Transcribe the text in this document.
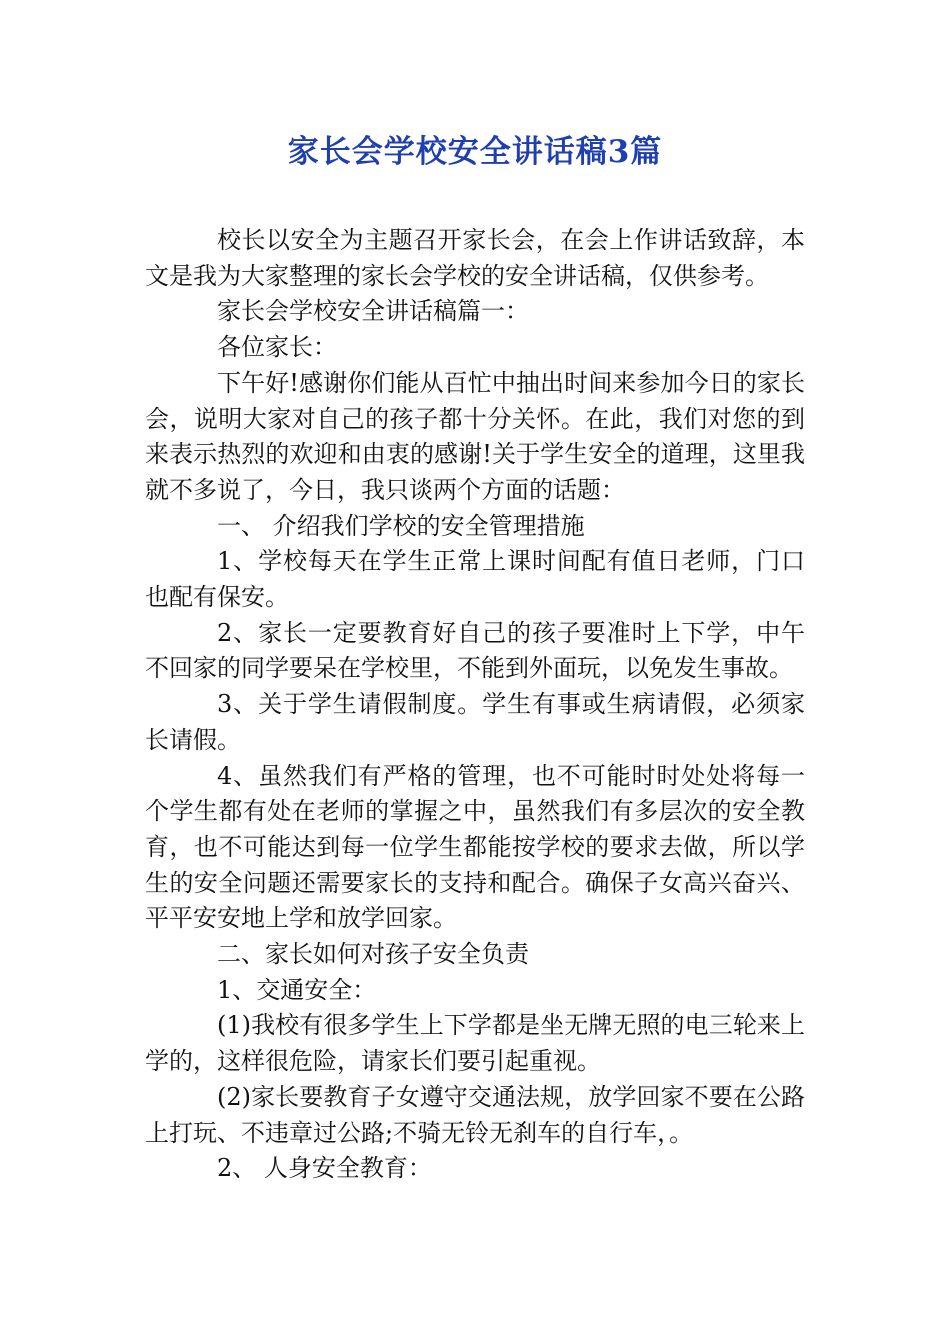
家长会学校安全讲话稿3篇

校长以安全为主题召开家长会，在会上作讲话致辞，本文是我为大家整理的家长会学校的安全讲话稿，仅供参考。

家长会学校安全讲话稿篇一：

各位家长：

下午好!感谢你们能从百忙中抽出时间来参加今日的家长会，说明大家对自己的孩子都十分关怀。在此，我们对您的到来表示热烈的欢迎和由衷的感谢!关于学生安全的道理，这里我就不多说了，今日，我只谈两个方面的话题：

一、 介绍我们学校的安全管理措施

1、学校每天在学生正常上课时间配有值日老师，门口也配有保安。

2、家长一定要教育好自己的孩子要准时上下学，中午不回家的同学要呆在学校里，不能到外面玩，以免发生事故。

3、关于学生请假制度。学生有事或生病请假，必须家长请假。

4、虽然我们有严格的管理，也不可能时时处处将每一个学生都有处在老师的掌握之中，虽然我们有多层次的安全教育，也不可能达到每一位学生都能按学校的要求去做，所以学生的安全问题还需要家长的支持和配合。确保子女高兴奋兴、平平安安地上学和放学回家。

二、家长如何对孩子安全负责

1、交通安全：

(1)我校有很多学生上下学都是坐无牌无照的电三轮来上学的，这样很危险，请家长们要引起重视。

(2)家长要教育子女遵守交通法规，放学回家不要在公路上打玩、不违章过公路;不骑无铃无刹车的自行车，。

2、 人身安全教育：
